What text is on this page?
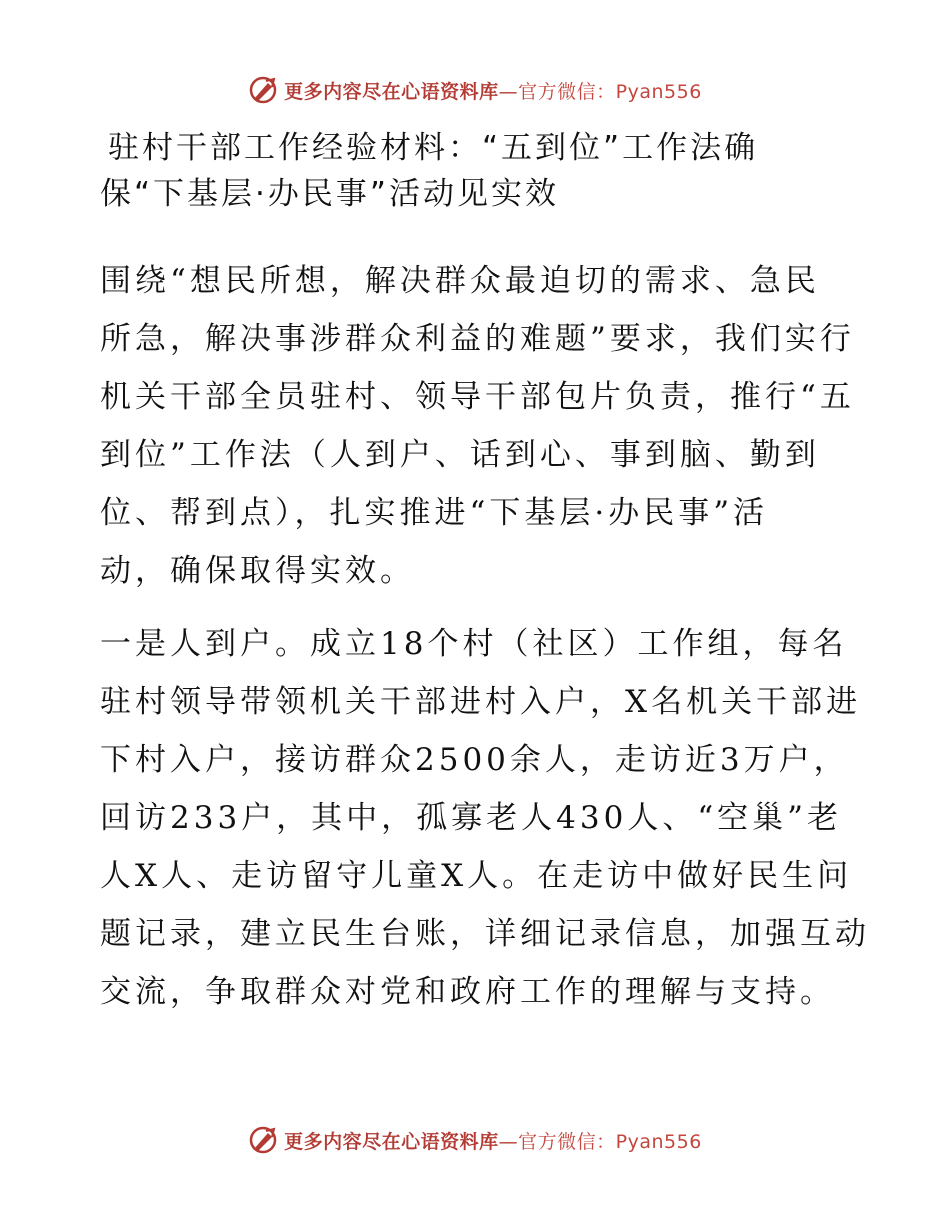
更多内容尽在心语资料库—官方微信：Pyan556
驻村干部工作经验材料：“五到位”工作法确
保“下基层·办民事”活动见实效
围绕“想民所想，解决群众最迫切的需求、急民
所急，解决事涉群众利益的难题”要求，我们实行
机关干部全员驻村、领导干部包片负责，推行“五
到位”工作法（人到户、话到心、事到脑、勤到
位、帮到点），扎实推进“下基层·办民事”活
动，确保取得实效。
一是人到户。成立18个村（社区）工作组，每名
驻村领导带领机关干部进村入户，X名机关干部进
下村入户，接访群众2500余人，走访近3万户，
回访233户，其中，孤寡老人430人、“空巢”老
人X人、走访留守儿童X人。在走访中做好民生问
题记录，建立民生台账，详细记录信息，加强互动
交流，争取群众对党和政府工作的理解与支持。
更多内容尽在心语资料库—官方微信：Pyan556
